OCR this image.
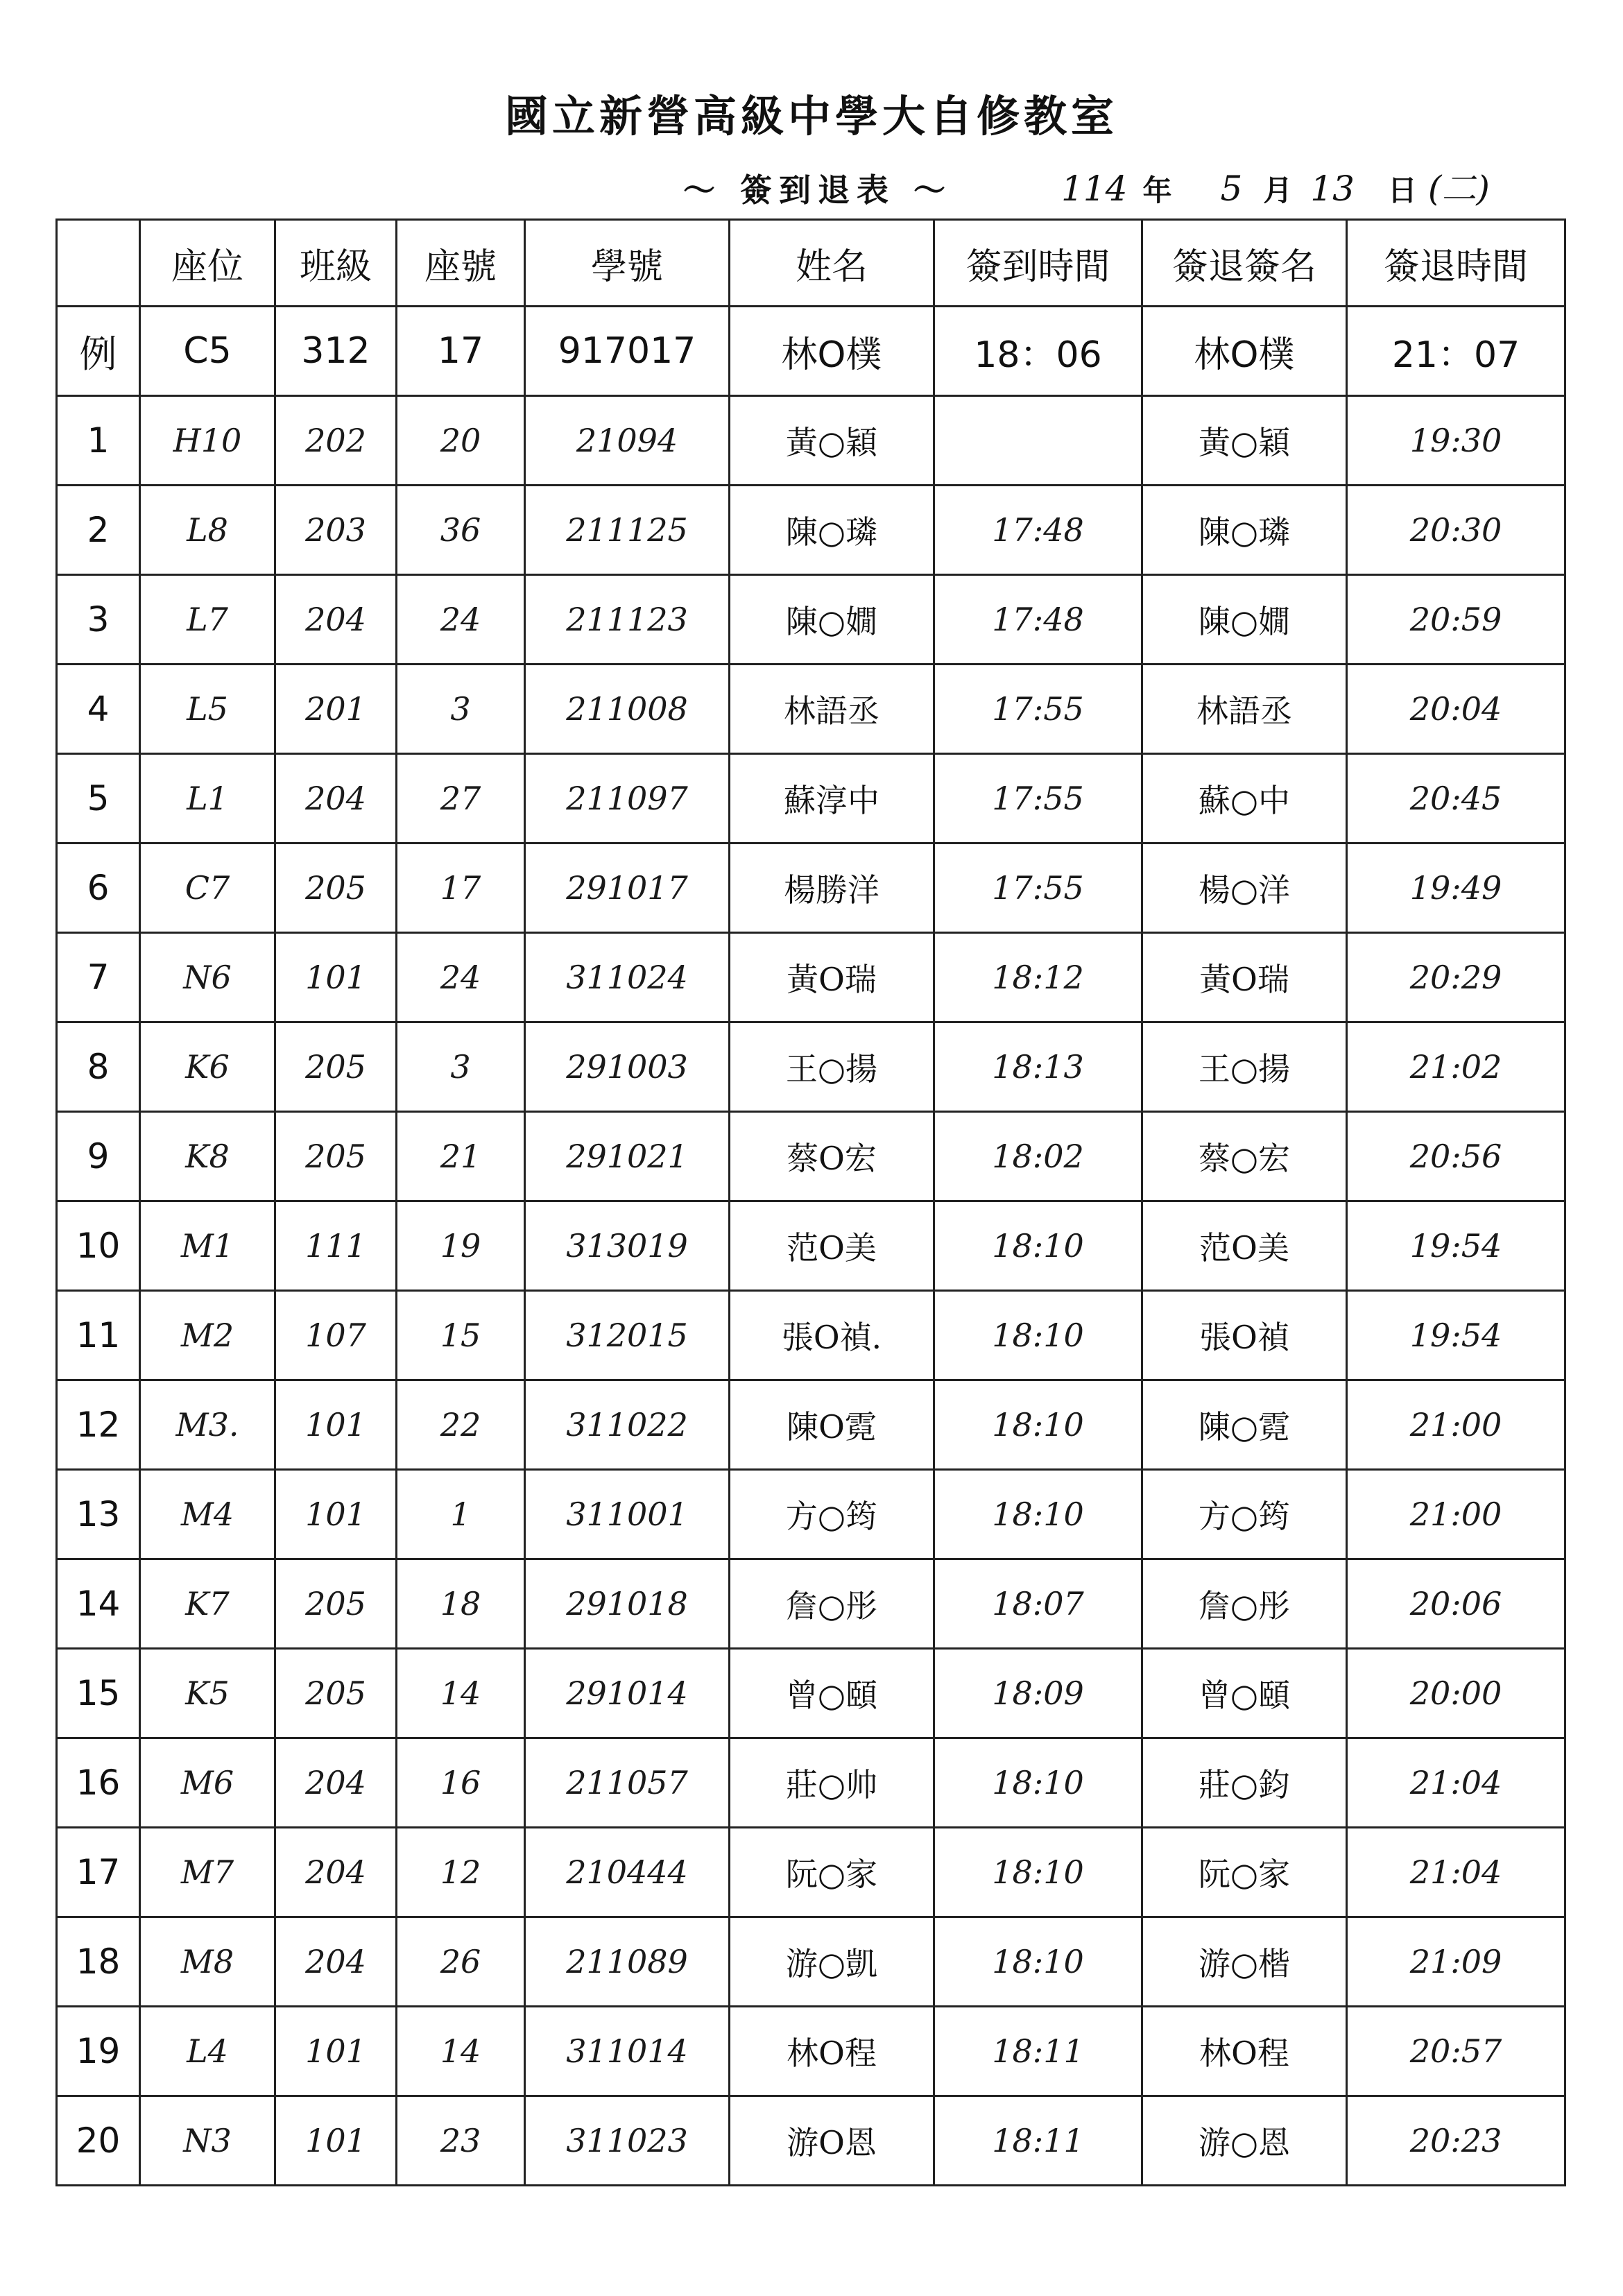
國立新營高級中學大自修教室
～ 簽到退表 ～	114 年 5 月 13 日 (二)
	座位	班級	座號	學號	姓名	簽到時間	簽退簽名	簽退時間
例	C5	312	17	917017	林O樸	18：06	林O樸	21：07
1	H10	202	20	21094	黃○穎		黃○穎	19:30
2	L8	203	36	211125	陳○璘	17:48	陳○璘	20:30
3	L7	204	24	211123	陳○嫺	17:48	陳○嫺	20:59
4	L5	201	3	211008	林語丞	17:55	林語丞	20:04
5	L1	204	27	211097	蘇淳中	17:55	蘇○中	20:45
6	C7	205	17	291017	楊勝洋	17:55	楊○洋	19:49
7	N6	101	24	311024	黃O瑞	18:12	黃O瑞	20:29
8	K6	205	3	291003	王○揚	18:13	王○揚	21:02
9	K8	205	21	291021	蔡O宏	18:02	蔡○宏	20:56
10	M1	111	19	313019	范O美	18:10	范O美	19:54
11	M2	107	15	312015	張O禎.	18:10	張O禎	19:54
12	M3.	101	22	311022	陳O霓	18:10	陳○霓	21:00
13	M4	101	1	311001	方○筠	18:10	方○筠	21:00
14	K7	205	18	291018	詹○彤	18:07	詹○彤	20:06
15	K5	205	14	291014	曾○頤	18:09	曾○頤	20:00
16	M6	204	16	211057	莊○帅	18:10	莊○鈞	21:04
17	M7	204	12	210444	阮○家	18:10	阮○家	21:04
18	M8	204	26	211089	游○凱	18:10	游○楷	21:09
19	L4	101	14	311014	林O程	18:11	林O程	20:57
20	N3	101	23	311023	游O恩	18:11	游○恩	20:23
